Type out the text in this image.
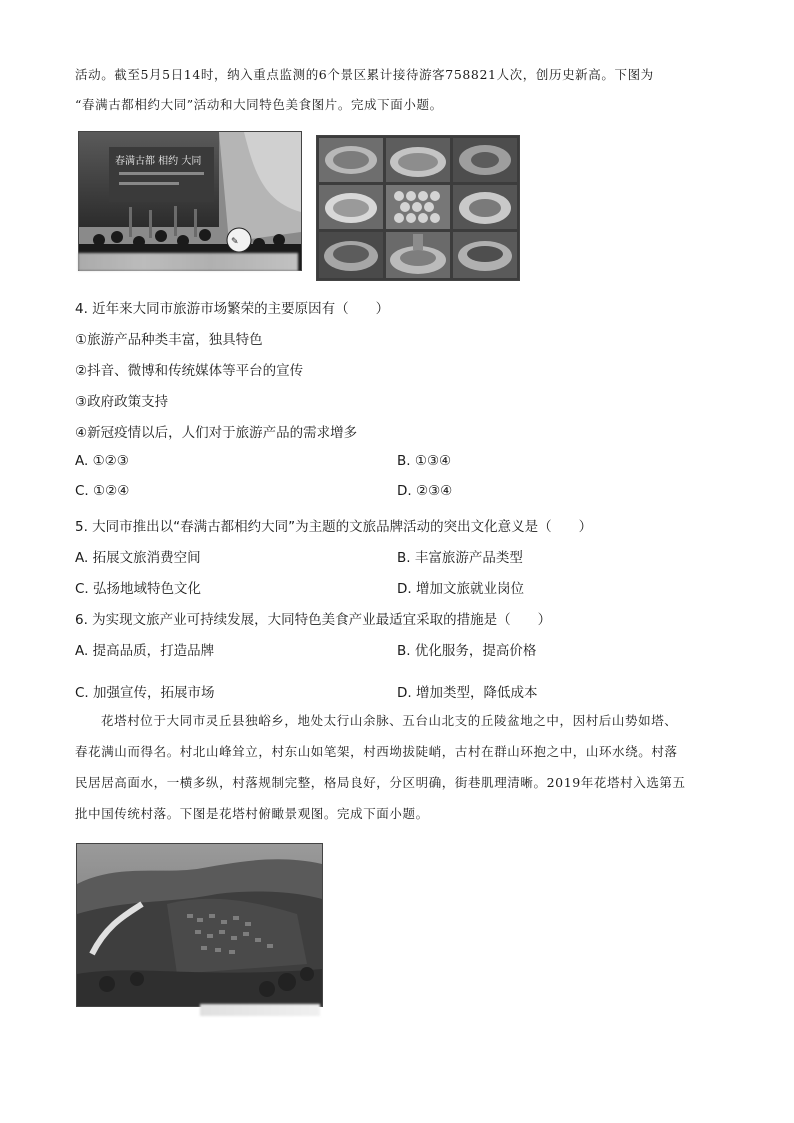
活动。截至5月5日14时，纳入重点监测的6个景区累计接待游客758821人次，创历史新高。下图为
“春满古都相约大同”活动和大同特色美食图片。完成下面小题。
春满古都 相约 大同
✎
4. 近年来大同市旅游市场繁荣的主要原因有（　　）
①旅游产品种类丰富，独具特色
②抖音、微博和传统媒体等平台的宣传
③政府政策支持
④新冠疫情以后，人们对于旅游产品的需求增多
A. ①②③	B. ①③④
C. ①②④	D. ②③④
5. 大同市推出以“春满古都相约大同”为主题的文旅品牌活动的突出文化意义是（　　）
A. 拓展文旅消费空间	B. 丰富旅游产品类型
C. 弘扬地域特色文化	D. 增加文旅就业岗位
6. 为实现文旅产业可持续发展，大同特色美食产业最适宜采取的措施是（　　）
A. 提高品质，打造品牌	B. 优化服务，提高价格
C. 加强宣传，拓展市场	D. 增加类型，降低成本
花塔村位于大同市灵丘县独峪乡，地处太行山余脉、五台山北支的丘陵盆地之中，因村后山势如塔、
春花满山而得名。村北山峰耸立，村东山如笔架，村西坳拔陡峭，古村在群山环抱之中，山环水绕。村落
民居居高面水，一横多纵，村落规制完整，格局良好，分区明确，街巷肌理清晰。2019年花塔村入选第五
批中国传统村落。下图是花塔村俯瞰景观图。完成下面小题。
